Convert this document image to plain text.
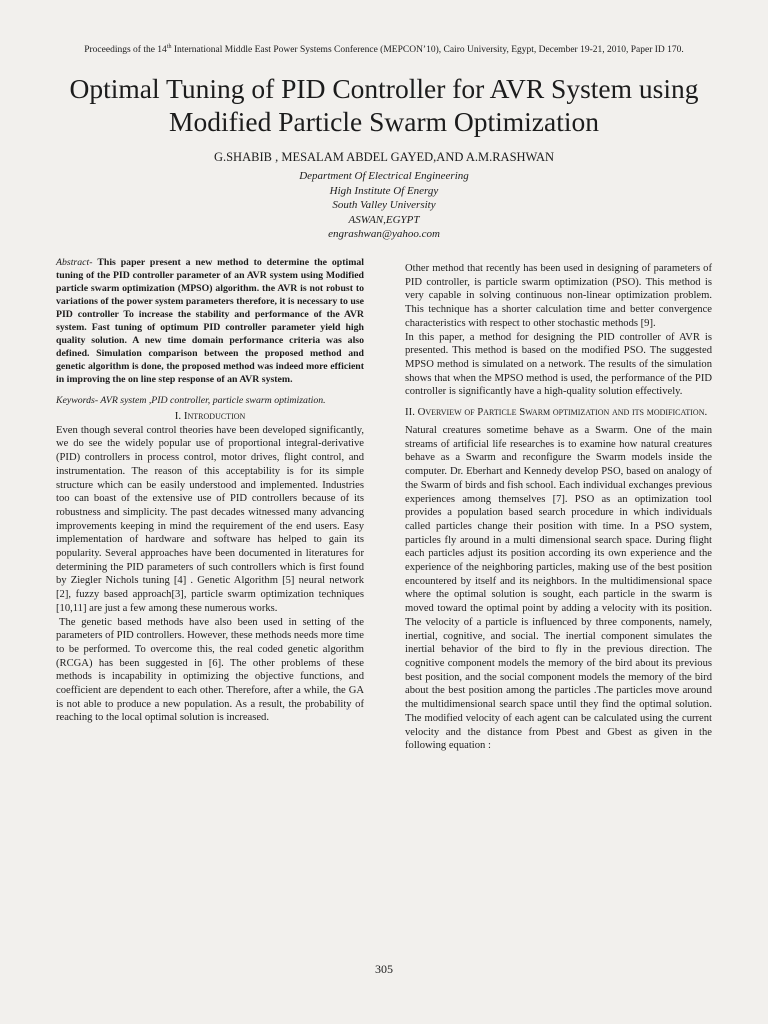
Proceedings of the 14th International Middle East Power Systems Conference (MEPCON’10), Cairo University, Egypt, December 19-21, 2010, Paper ID 170.
Optimal Tuning of PID Controller for AVR System using Modified Particle Swarm Optimization
G.SHABIB , MESALAM ABDEL GAYED,AND A.M.RASHWAN
Department Of Electrical Engineering
High Institute Of Energy
South Valley University
ASWAN,EGYPT
engrashwan@yahoo.com

Abstract- This paper present a new method to determine the optimal tuning of the PID controller parameter of an AVR system using Modified particle swarm optimization (MPSO) algorithm. the AVR is not robust to variations of the power system parameters therefore, it is necessary to use PID controller To increase the stability and performance of the AVR system. Fast tuning of optimum PID controller parameter yield high quality solution. A new time domain performance criteria was also defined. Simulation comparison between the proposed method and genetic algorithm is done, the proposed method was indeed more efficient in improving the on line step response of an AVR system.

Keywords- AVR system ,PID controller, particle swarm optimization.

I. Introduction

Even though several control theories have been developed significantly, we do see the widely popular use of proportional integral-derivative (PID) controllers in process control, motor drives, flight control, and instrumentation. The reason of this acceptability is for its simple structure which can be easily understood and implemented. Industries too can boast of the extensive use of PID controllers because of its robustness and simplicity. The past decades witnessed many advancing improvements keeping in mind the requirement of the end users. Easy implementation of hardware and software has helped to gain its popularity. Several approaches have been documented in literatures for determining the PID parameters of such controllers which is first found by Ziegler Nichols tuning [4] . Genetic Algorithm [5] neural network [2], fuzzy based approach[3], particle swarm optimization techniques [10,11] are just a few among these numerous works.

The genetic based methods have also been used in setting of the parameters of PID controllers. However, these methods needs more time to be performed. To overcome this, the real coded genetic algorithm (RCGA) has been suggested in [6]. The other problems of these methods is incapability in optimizing the objective functions, and coefficient are dependent to each other. Therefore, after a while, the GA is not able to produce a new population. As a result, the probability of reaching to the local optimal solution is increased.

Other method that recently has been used in designing of parameters of PID controller, is particle swarm optimization (PSO). This method is very capable in solving continuous non-linear optimization problem. This technique has a shorter calculation time and better convergence characteristics with respect to other stochastic methods [9].

In this paper, a method for designing the PID controller of AVR is presented. This method is based on the modified PSO. The suggested MPSO method is simulated on a network. The results of the simulation shows that when the MPSO method is used, the performance of the PID controller is significantly have a high-quality solution effectively.

II. Overview of Particle Swarm optimization and its modification.

Natural creatures sometime behave as a Swarm. One of the main streams of artificial life researches is to examine how natural creatures behave as a Swarm and reconfigure the Swarm models inside the computer. Dr. Eberhart and Kennedy develop PSO, based on analogy of the Swarm of birds and fish school. Each individual exchanges previous experiences among themselves [7]. PSO as an optimization tool provides a population based search procedure in which individuals called particles change their position with time. In a PSO system, particles fly around in a multi dimensional search space. During flight each particles adjust its position according its own experience and the experience of the neighboring particles, making use of the best position encountered by itself and its neighbors. In the multidimensional space where the optimal solution is sought, each particle in the swarm is moved toward the optimal point by adding a velocity with its position. The velocity of a particle is influenced by three components, namely, inertial, cognitive, and social. The inertial component simulates the inertial behavior of the bird to fly in the previous direction. The cognitive component models the memory of the bird about its previous best position, and the social component models the memory of the bird about the best position among the particles .The particles move around the multidimensional search space until they find the optimal solution. The modified velocity of each agent can be calculated using the current velocity and the distance from Pbest and Gbest as given in the following equation :

305
